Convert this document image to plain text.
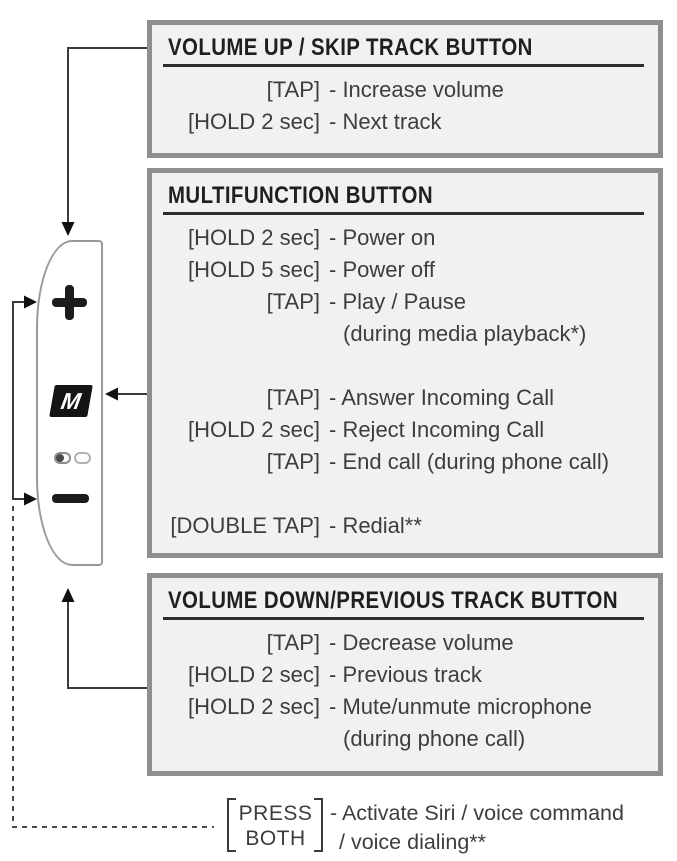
M
VOLUME UP / SKIP TRACK BUTTON
[TAP] - Increase volume
[HOLD 2 sec] - Next track
MULTIFUNCTION BUTTON
[HOLD 2 sec] - Power on
[HOLD 5 sec] - Power off
[TAP] - Play / Pause
(during media playback*)
[TAP] - Answer Incoming Call
[HOLD 2 sec] - Reject Incoming Call
[TAP] - End call (during phone call)
[DOUBLE TAP] - Redial**
VOLUME DOWN/PREVIOUS TRACK BUTTON
[TAP] - Decrease volume
[HOLD 2 sec] - Previous track
[HOLD 2 sec] - Mute/unmute microphone
(during phone call)
PRESS
BOTH
- Activate Siri / voice command
/ voice dialing**
